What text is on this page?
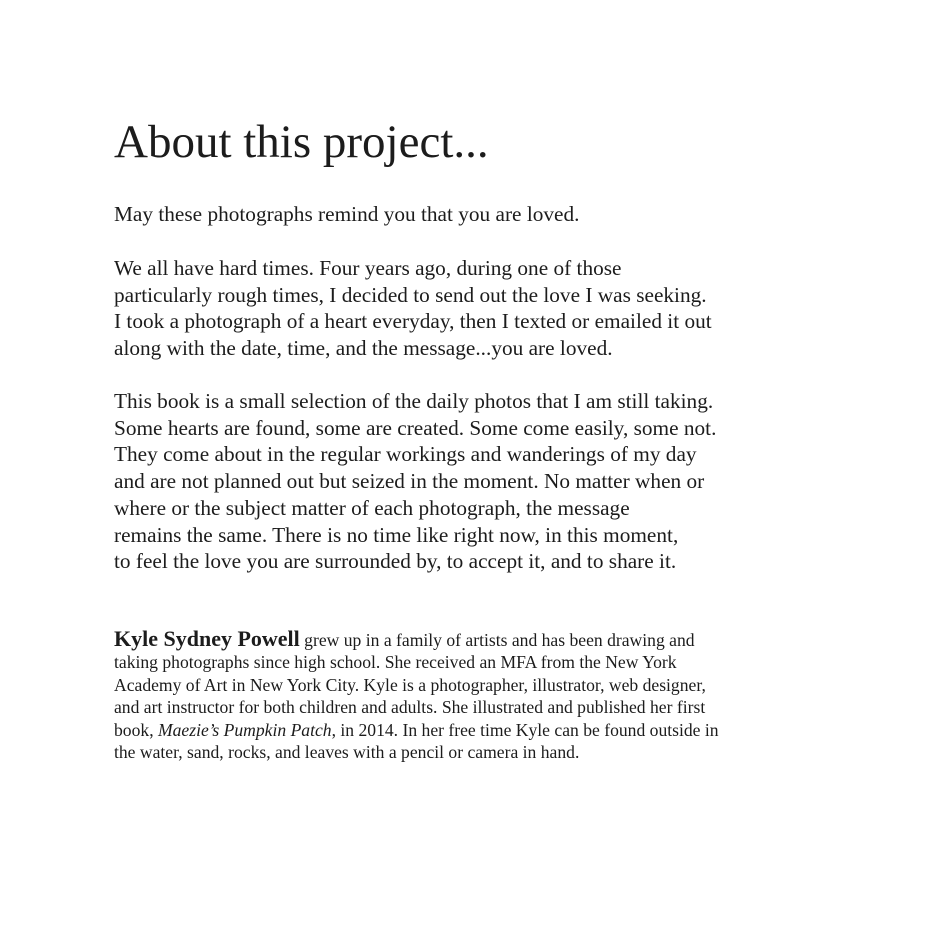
About this project...

May these photographs remind you that you are loved.

We all have hard times. Four years ago, during one of those
particularly rough times, I decided to send out the love I was seeking.
I took a photograph of a heart everyday, then I texted or emailed it out
along with the date, time, and the message...you are loved.

This book is a small selection of the daily photos that I am still taking.
Some hearts are found, some are created. Some come easily, some not.
They come about in the regular workings and wanderings of my day
and are not planned out but seized in the moment. No matter when or
where or the subject matter of each photograph, the message
remains the same. There is no time like right now, in this moment,
to feel the love you are surrounded by, to accept it, and to share it.

Kyle Sydney Powell grew up in a family of artists and has been drawing and
taking photographs since high school. She received an MFA from the New York
Academy of Art in New York City. Kyle is a photographer, illustrator, web designer,
and art instructor for both children and adults. She illustrated and published her first
book, Maezie’s Pumpkin Patch, in 2014. In her free time Kyle can be found outside in
the water, sand, rocks, and leaves with a pencil or camera in hand.
